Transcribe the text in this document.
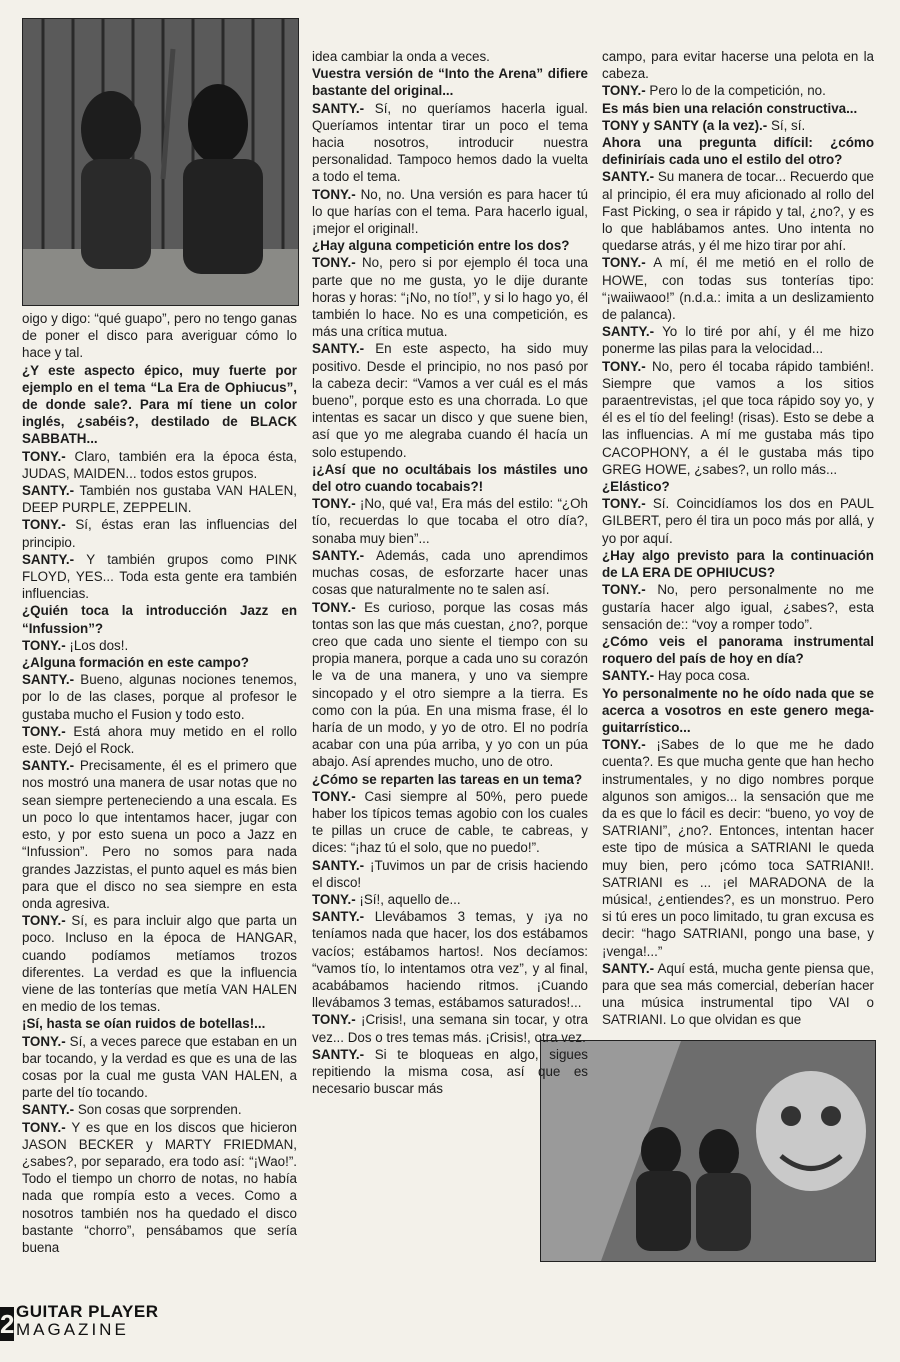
oigo y digo: “qué guapo”, pero no tengo ganas de poner el disco para averiguar cómo lo hace y tal.

¿Y este aspecto épico, muy fuerte por ejemplo en el tema “La Era de Ophiucus”, de donde sale?. Para mí tiene un color inglés, ¿sabéis?, destilado de BLACK SABBATH...

TONY.- Claro, también era la época ésta, JUDAS, MAIDEN... todos estos grupos.

SANTY.- También nos gustaba VAN HALEN, DEEP PURPLE, ZEPPELIN.

TONY.- Sí, éstas eran las influencias del principio.

SANTY.- Y también grupos como PINK FLOYD, YES... Toda esta gente era también influencias.

¿Quién toca la introducción Jazz en “Infussion”?

TONY.- ¡Los dos!.

¿Alguna formación en este campo?

SANTY.- Bueno, algunas nociones tenemos, por lo de las clases, porque al profesor le gustaba mucho el Fusion y todo esto.

TONY.- Está ahora muy metido en el rollo este. Dejó el Rock.

SANTY.- Precisamente, él es el primero que nos mostró una manera de usar notas que no sean siempre perteneciendo a una escala. Es un poco lo que intentamos hacer, jugar con esto, y por esto suena un poco a Jazz en “Infussion”. Pero no somos para nada grandes Jazzistas, el punto aquel es más bien para que el disco no sea siempre en esta onda agresiva.

TONY.- Sí, es para incluir algo que parta un poco. Incluso en la época de HANGAR, cuando podíamos metíamos trozos diferentes. La verdad es que la influencia viene de las tonterías que metía VAN HALEN en medio de los temas.

¡Sí, hasta se oían ruidos de botellas!...

TONY.- Sí, a veces parece que estaban en un bar tocando, y la verdad es que es una de las cosas por la cual me gusta VAN HALEN, a parte del tío tocando.

SANTY.- Son cosas que sorprenden.

TONY.- Y es que en los discos que hicieron JASON BECKER y MARTY FRIEDMAN, ¿sabes?, por separado, era todo así: “¡Wao!”. Todo el tiempo un chorro de notas, no había nada que rompía esto a veces. Como a nosotros también nos ha quedado el disco bastante “chorro”, pensábamos que sería buena

idea cambiar la onda a veces.

Vuestra versión de “Into the Arena” difiere bastante del original...

SANTY.- Sí, no queríamos hacerla igual. Queríamos intentar tirar un poco el tema hacia nosotros, introducir nuestra personalidad. Tampoco hemos dado la vuelta a todo el tema.

TONY.- No, no. Una versión es para hacer tú lo que harías con el tema. Para hacerlo igual, ¡mejor el original!.

¿Hay alguna competición entre los dos?

TONY.- No, pero si por ejemplo él toca una parte que no me gusta, yo le dije durante horas y horas: “¡No, no tío!”, y si lo hago yo, él también lo hace. No es una competición, es más una crítica mutua.

SANTY.- En este aspecto, ha sido muy positivo. Desde el principio, no nos pasó por la cabeza decir: “Vamos a ver cuál es el más bueno”, porque esto es una chorrada. Lo que intentas es sacar un disco y que suene bien, así que yo me alegraba cuando él hacía un solo estupendo.

¡¿Así que no ocultábais los mástiles uno del otro cuando tocabais?!

TONY.- ¡No, qué va!, Era más del estilo: “¿Oh tío, recuerdas lo que tocaba el otro día?, sonaba muy bien”...

SANTY.- Además, cada uno aprendimos muchas cosas, de esforzarte hacer unas cosas que naturalmente no te salen así.

TONY.- Es curioso, porque las cosas más tontas son las que más cuestan, ¿no?, porque creo que cada uno siente el tiempo con su propia manera, porque a cada uno su corazón le va de una manera, y uno va siempre sincopado y el otro siempre a la tierra. Es como con la púa. En una misma frase, él lo haría de un modo, y yo de otro. El no podría acabar con una púa arriba, y yo con un púa abajo. Así aprendes mucho, uno de otro.

¿Cómo se reparten las tareas en un tema?

TONY.- Casi siempre al 50%, pero puede haber los típicos temas agobio con los cuales te pillas un cruce de cable, te cabreas, y dices: “¡haz tú el solo, que no puedo!”.

SANTY.- ¡Tuvimos un par de crisis haciendo el disco!

TONY.- ¡Sí!, aquello de...

SANTY.- Llevábamos 3 temas, y ¡ya no teníamos nada que hacer, los dos estábamos vacíos; estábamos hartos!. Nos decíamos: “vamos tío, lo intentamos otra vez”, y al final, acabábamos haciendo ritmos. ¡Cuando llevábamos 3 temas, estábamos saturados!...

TONY.- ¡Crisis!, una semana sin tocar, y otra vez... Dos o tres temas más. ¡Crisis!, otra vez.

SANTY.- Si te bloqueas en algo, sigues repitiendo la misma cosa, así que es necesario buscar más

campo, para evitar hacerse una pelota en la cabeza.

TONY.- Pero lo de la competición, no.

Es más bien una relación constructiva...

TONY y SANTY (a la vez).- Sí, sí.

Ahora una pregunta difícil: ¿cómo definiríais cada uno el estilo del otro?

SANTY.- Su manera de tocar... Recuerdo que al principio, él era muy aficionado al rollo del Fast Picking, o sea ir rápido y tal, ¿no?, y es lo que hablábamos antes. Uno intenta no quedarse atrás, y él me hizo tirar por ahí.

TONY.- A mí, él me metió en el rollo de HOWE, con todas sus tonterías tipo: “¡waiiwaoo!” (n.d.a.: imita a un deslizamiento de palanca).

SANTY.- Yo lo tiré por ahí, y él me hizo ponerme las pilas para la velocidad...

TONY.- No, pero él tocaba rápido también!. Siempre que vamos a los sitios paraentrevistas, ¡el que toca rápido soy yo, y él es el tío del feeling! (risas). Esto se debe a las influencias. A mí me gustaba más tipo CACOPHONY, a él le gustaba más tipo GREG HOWE, ¿sabes?, un rollo más...

¿Elástico?

TONY.- Sí. Coincidíamos los dos en PAUL GILBERT, pero él tira un poco más por allá, y yo por aquí.

¿Hay algo previsto para la continuación de LA ERA DE OPHIUCUS?

TONY.- No, pero personalmente no me gustaría hacer algo igual, ¿sabes?, esta sensación de:: “voy a romper todo”.

¿Cómo veis el panorama instrumental roquero del país de hoy en día?

SANTY.- Hay poca cosa.

Yo personalmente no he oído nada que se acerca a vosotros en este genero mega-guitarrístico...

TONY.- ¡Sabes de lo que me he dado cuenta?. Es que mucha gente que han hecho instrumentales, y no digo nombres porque algunos son amigos... la sensación que me da es que lo fácil es decir: “bueno, yo voy de SATRIANI”, ¿no?. Entonces, intentan hacer este tipo de música a SATRIANI le queda muy bien, pero ¡cómo toca SATRIANI!. SATRIANI es ... ¡el MARADONA de la música!, ¿entiendes?, es un monstruo. Pero si tú eres un poco limitado, tu gran excusa es decir: “hago SATRIANI, pongo una base, y ¡venga!...”

SANTY.- Aquí está, mucha gente piensa que, para que sea más comercial, deberían hacer una música instrumental tipo VAI o SATRIANI. Lo que olvidan es que

2 GUITAR PLAYER
MAGAZINE
